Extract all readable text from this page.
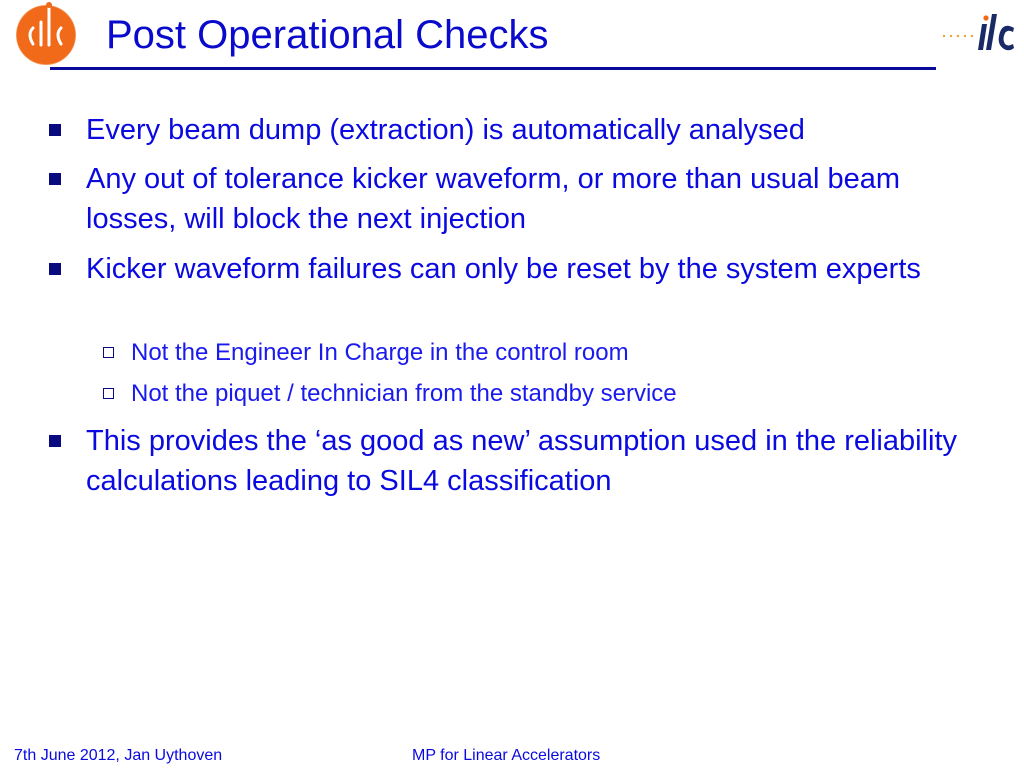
Post Operational Checks
Every beam dump (extraction) is automatically analysed
Any out of tolerance kicker waveform, or more than usual beam losses, will block the next injection
Kicker waveform failures can only be reset by the system experts
Not the Engineer In Charge in the control room
Not the piquet / technician from the standby service
This provides the ‘as good as new’ assumption used in the reliability calculations leading to SIL4 classification
7th June 2012, Jan Uythoven	MP for Linear Accelerators
